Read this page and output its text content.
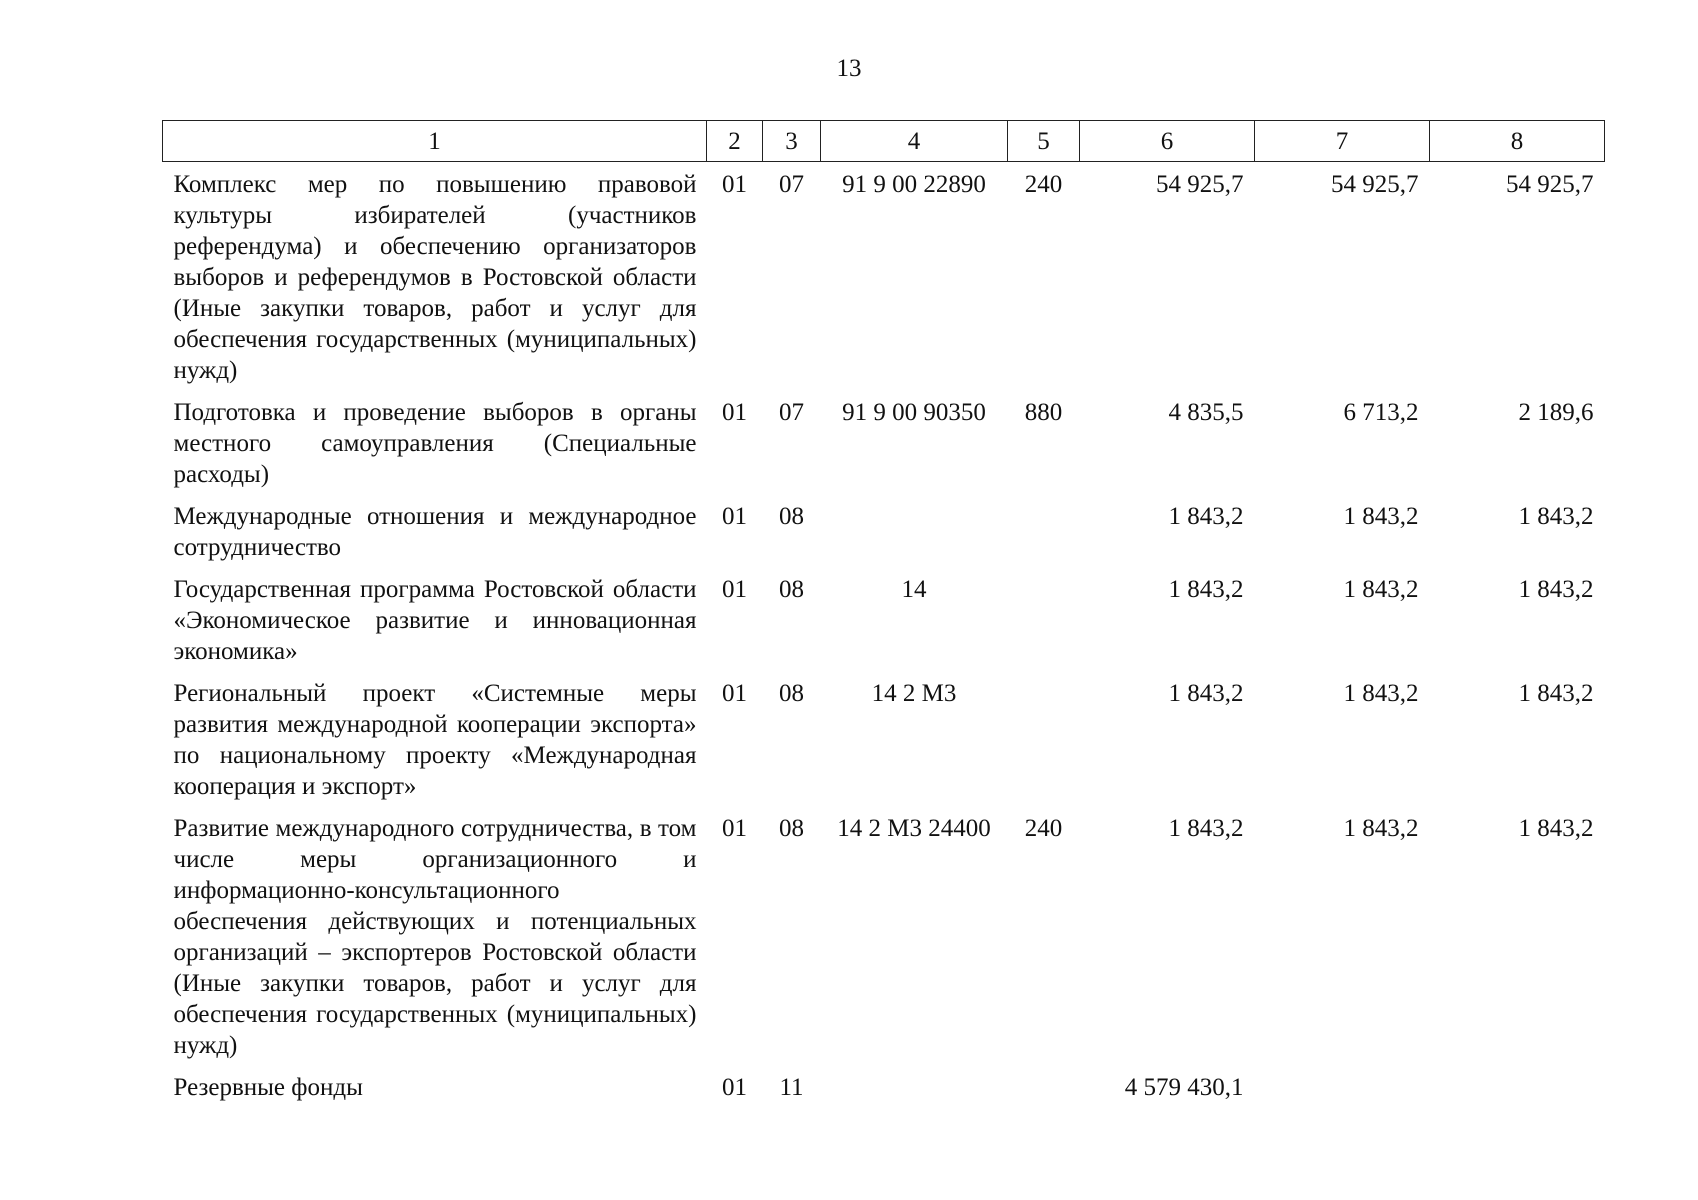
13
1	2	3	4	5	6	7	8
Комплекс мер по повышению правовой культуры избирателей (участников референдума) и обеспечению организаторов выборов и референдумов в Ростовской области (Иные закупки товаров, работ и услуг для обеспечения государственных (муниципальных) нужд)	01	07	91 9 00 22890	240	54 925,7	54 925,7	54 925,7
Подготовка и проведение выборов в органы местного самоуправления (Специальные расходы)	01	07	91 9 00 90350	880	4 835,5	6 713,2	2 189,6
Международные отношения и международное сотрудничество	01	08			1 843,2	1 843,2	1 843,2
Государственная программа Ростовской области «Экономическое развитие и инновационная экономика»	01	08	14		1 843,2	1 843,2	1 843,2
Региональный проект «Системные меры развития международной кооперации экспорта» по национальному проекту «Международная кооперация и экспорт»	01	08	14 2 M3		1 843,2	1 843,2	1 843,2
Развитие международного сотрудничества, в том числе меры организационного и информационно-консультационного обеспечения действующих и потенциальных организаций – экспортеров Ростовской области (Иные закупки товаров, работ и услуг для обеспечения государственных (муниципальных) нужд)	01	08	14 2 M3 24400	240	1 843,2	1 843,2	1 843,2
Резервные фонды	01	11			4 579 430,1		
